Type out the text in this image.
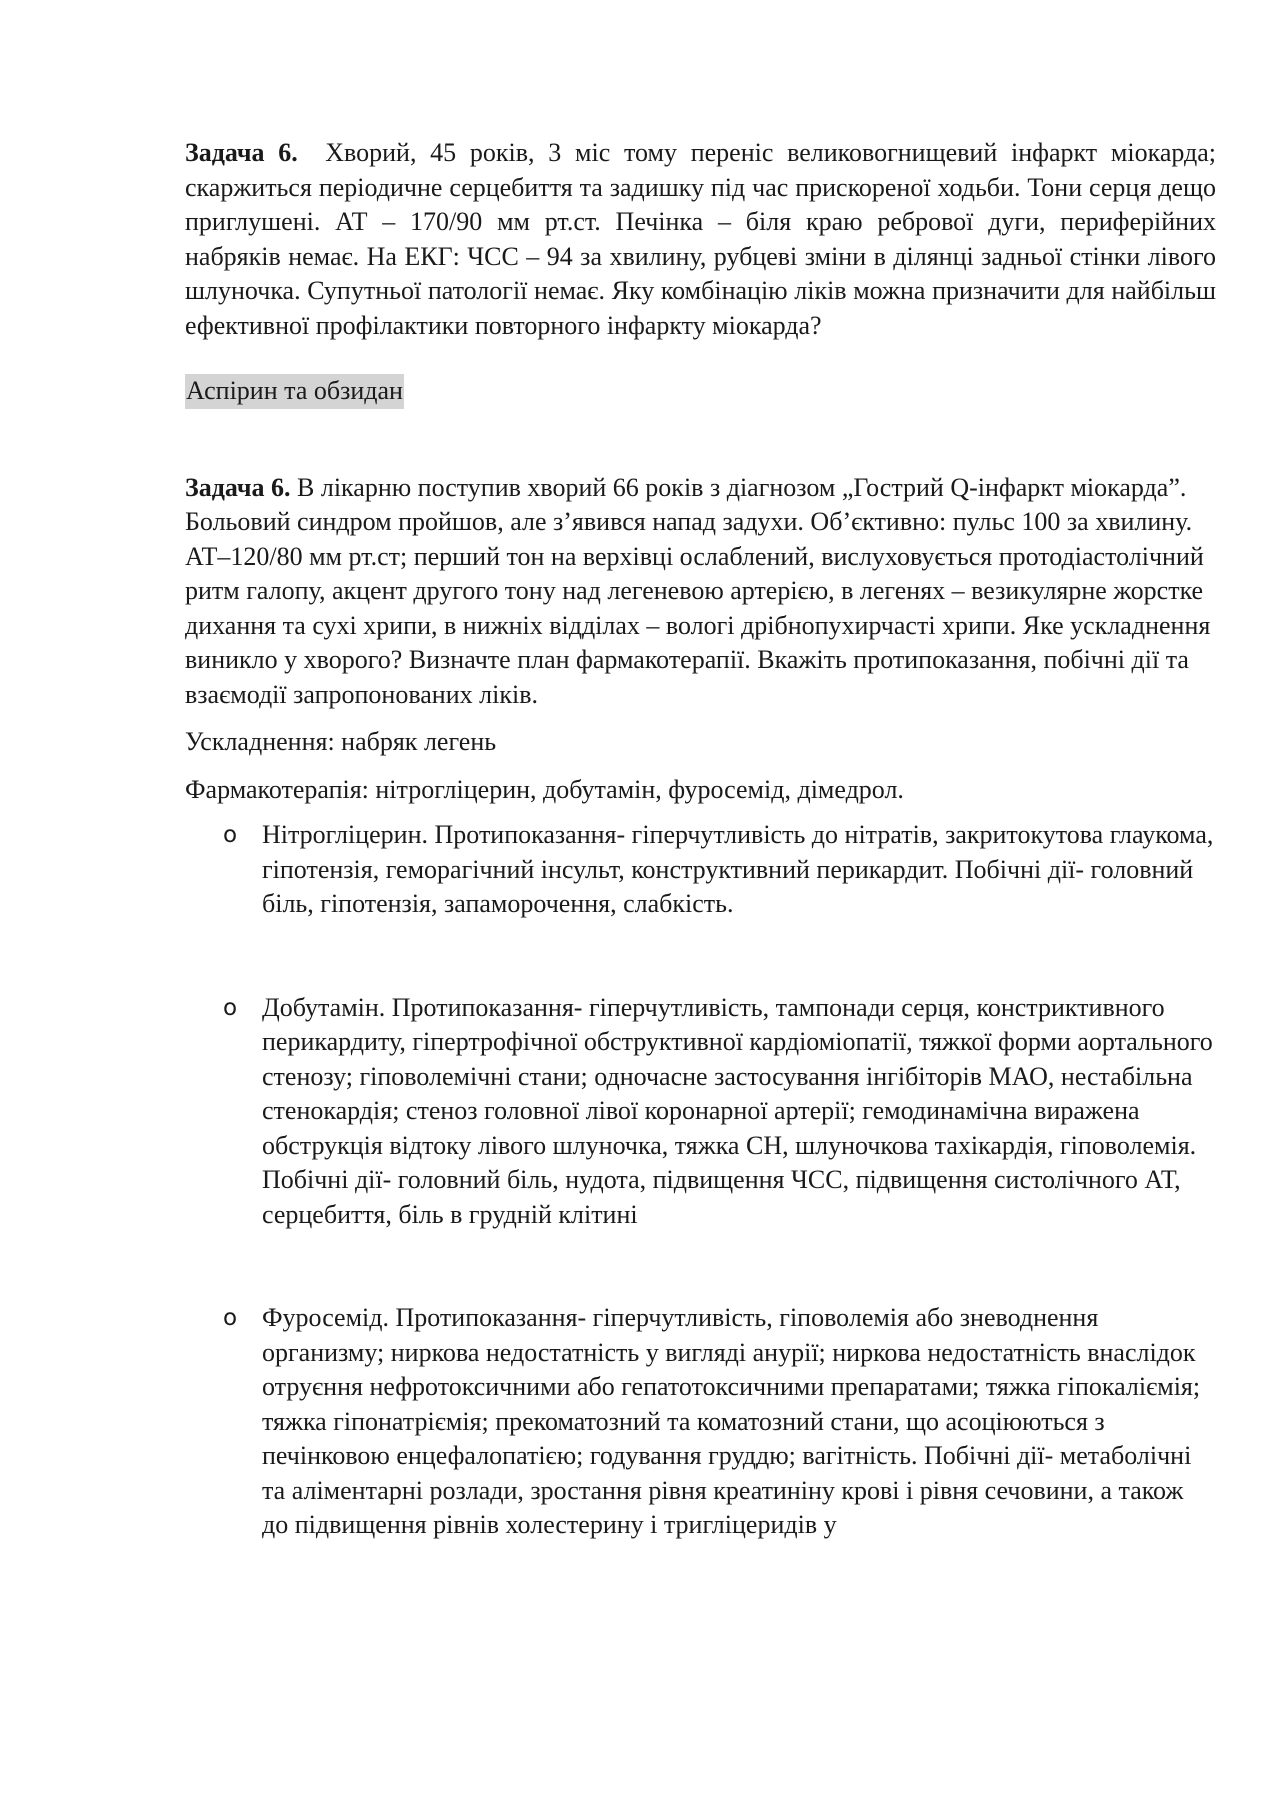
Задача 6. Хворий, 45 років, 3 міс тому переніс великовогнищевий інфаркт міокарда; скаржиться періодичне серцебиття та задишку під час прискореної ходьби. Тони серця дещо приглушені. АТ – 170/90 мм рт.ст. Печінка – біля краю ребрової дуги, периферійних набряків немає. На ЕКГ: ЧСС – 94 за хвилину, рубцеві зміни в ділянці задньої стінки лівого шлуночка. Супутньої патології немає. Яку комбінацію ліків можна призначити для найбільш ефективної профілактики повторного інфаркту міокарда?

Аспірин та обзидан

Задача 6. В лікарню поступив хворий 66 років з діагнозом „Гострий Q-інфаркт міокарда”. Больовий синдром пройшов, але з’явився напад задухи. Об’єктивно: пульс 100 за хвилину. АТ–120/80 мм рт.ст; перший тон на верхівці ослаблений, вислуховується протодіастолічний ритм галопу, акцент другого тону над легеневою артерією, в легенях – везикулярне жорстке дихання та сухі хрипи, в нижніх відділах – вологі дрібнопухирчасті хрипи. Яке ускладнення виникло у хворого? Визначте план фармакотерапії. Вкажіть протипоказання, побічні дії та взаємодії запропонованих ліків.

Ускладнення: набряк легень

Фармакотерапія: нітрогліцерин, добутамін, фуросемід, дімедрол.

o Нітрогліцерин. Протипоказання- гіперчутливість до нітратів, закритокутова глаукома, гіпотензія, геморагічний інсульт, конструктивний перикардит. Побічні дії- головний біль, гіпотензія, запаморочення, слабкість.
o Добутамін. Протипоказання- гіперчутливість, тампонади серця, констриктивного перикардиту, гіпертрофічної обструктивної кардіоміопатії, тяжкої форми аортального стенозу; гіповолемічні стани; одночасне застосування інгібіторів МАО, нестабільна стенокардія; стеноз головної лівої коронарної артерії; гемодинамічна виражена обструкція відтоку лівого шлуночка, тяжка СН, шлуночкова тахікардія, гіповолемія. Побічні дії- головний біль, нудота, підвищення ЧСС, підвищення систолічного АТ, серцебиття, біль в грудній клітині
o Фуросемід. Протипоказання- гіперчутливість, гіповолемія або зневоднення организму; ниркова недостатність у вигляді анурії; ниркова недостатність внаслідок отруєння нефротоксичними або гепатотоксичними препаратами; тяжка гіпокаліємія; тяжка гіпонатріємія; прекоматозний та коматозний стани, що асоціюються з печінковою енцефалопатією; годування груддю; вагітність. Побічні дії- метаболічні та аліментарні розлади, зростання рівня креатиніну крові і рівня сечовини, а також до підвищення рівнів холестерину і тригліцеридів у
